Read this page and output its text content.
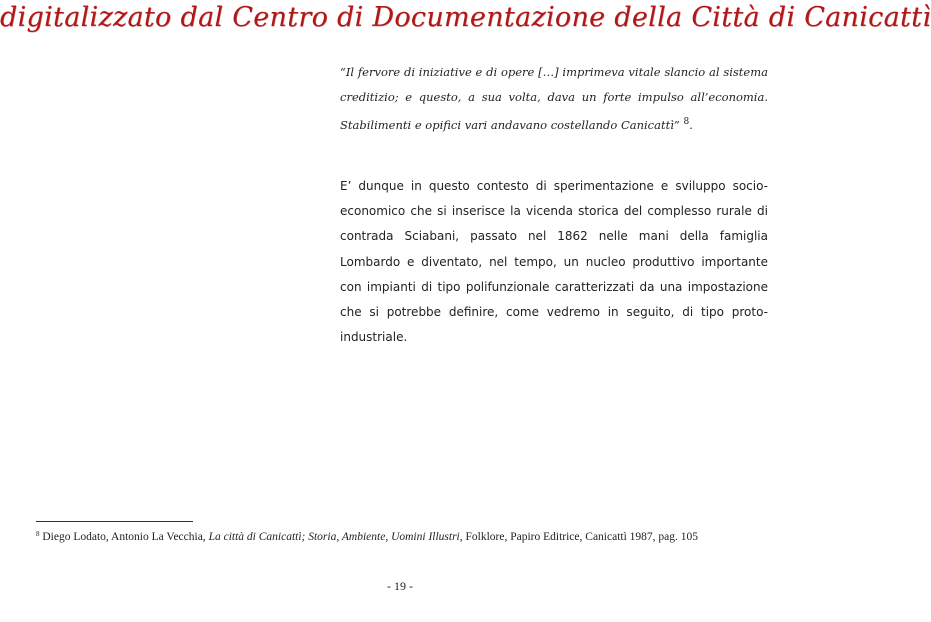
digitalizzato dal Centro di Documentazione della Città di Canicattì
“Il fervore di iniziative e di opere […] imprimeva vitale slancio al sistema creditizio; e questo, a sua volta, dava un forte impulso all’economia. Stabilimenti e opifici vari andavano costellando Canicattì” $^8$.
E’ dunque in questo contesto di sperimentazione e sviluppo socio-economico che si inserisce la vicenda storica del complesso rurale di contrada Sciabani, passato nel 1862 nelle mani della famiglia Lombardo e diventato, nel tempo, un nucleo produttivo importante con impianti di tipo polifunzionale caratterizzati da una impostazione che si potrebbe definire, come vedremo in seguito, di tipo proto-industriale.
$^8$ Diego Lodato, Antonio La Vecchia, La città di Canicattì; Storia, Ambiente, Uomini Illustri, Folklore, Papiro Editrice, Canicattì 1987, pag. 105
- 19 -
